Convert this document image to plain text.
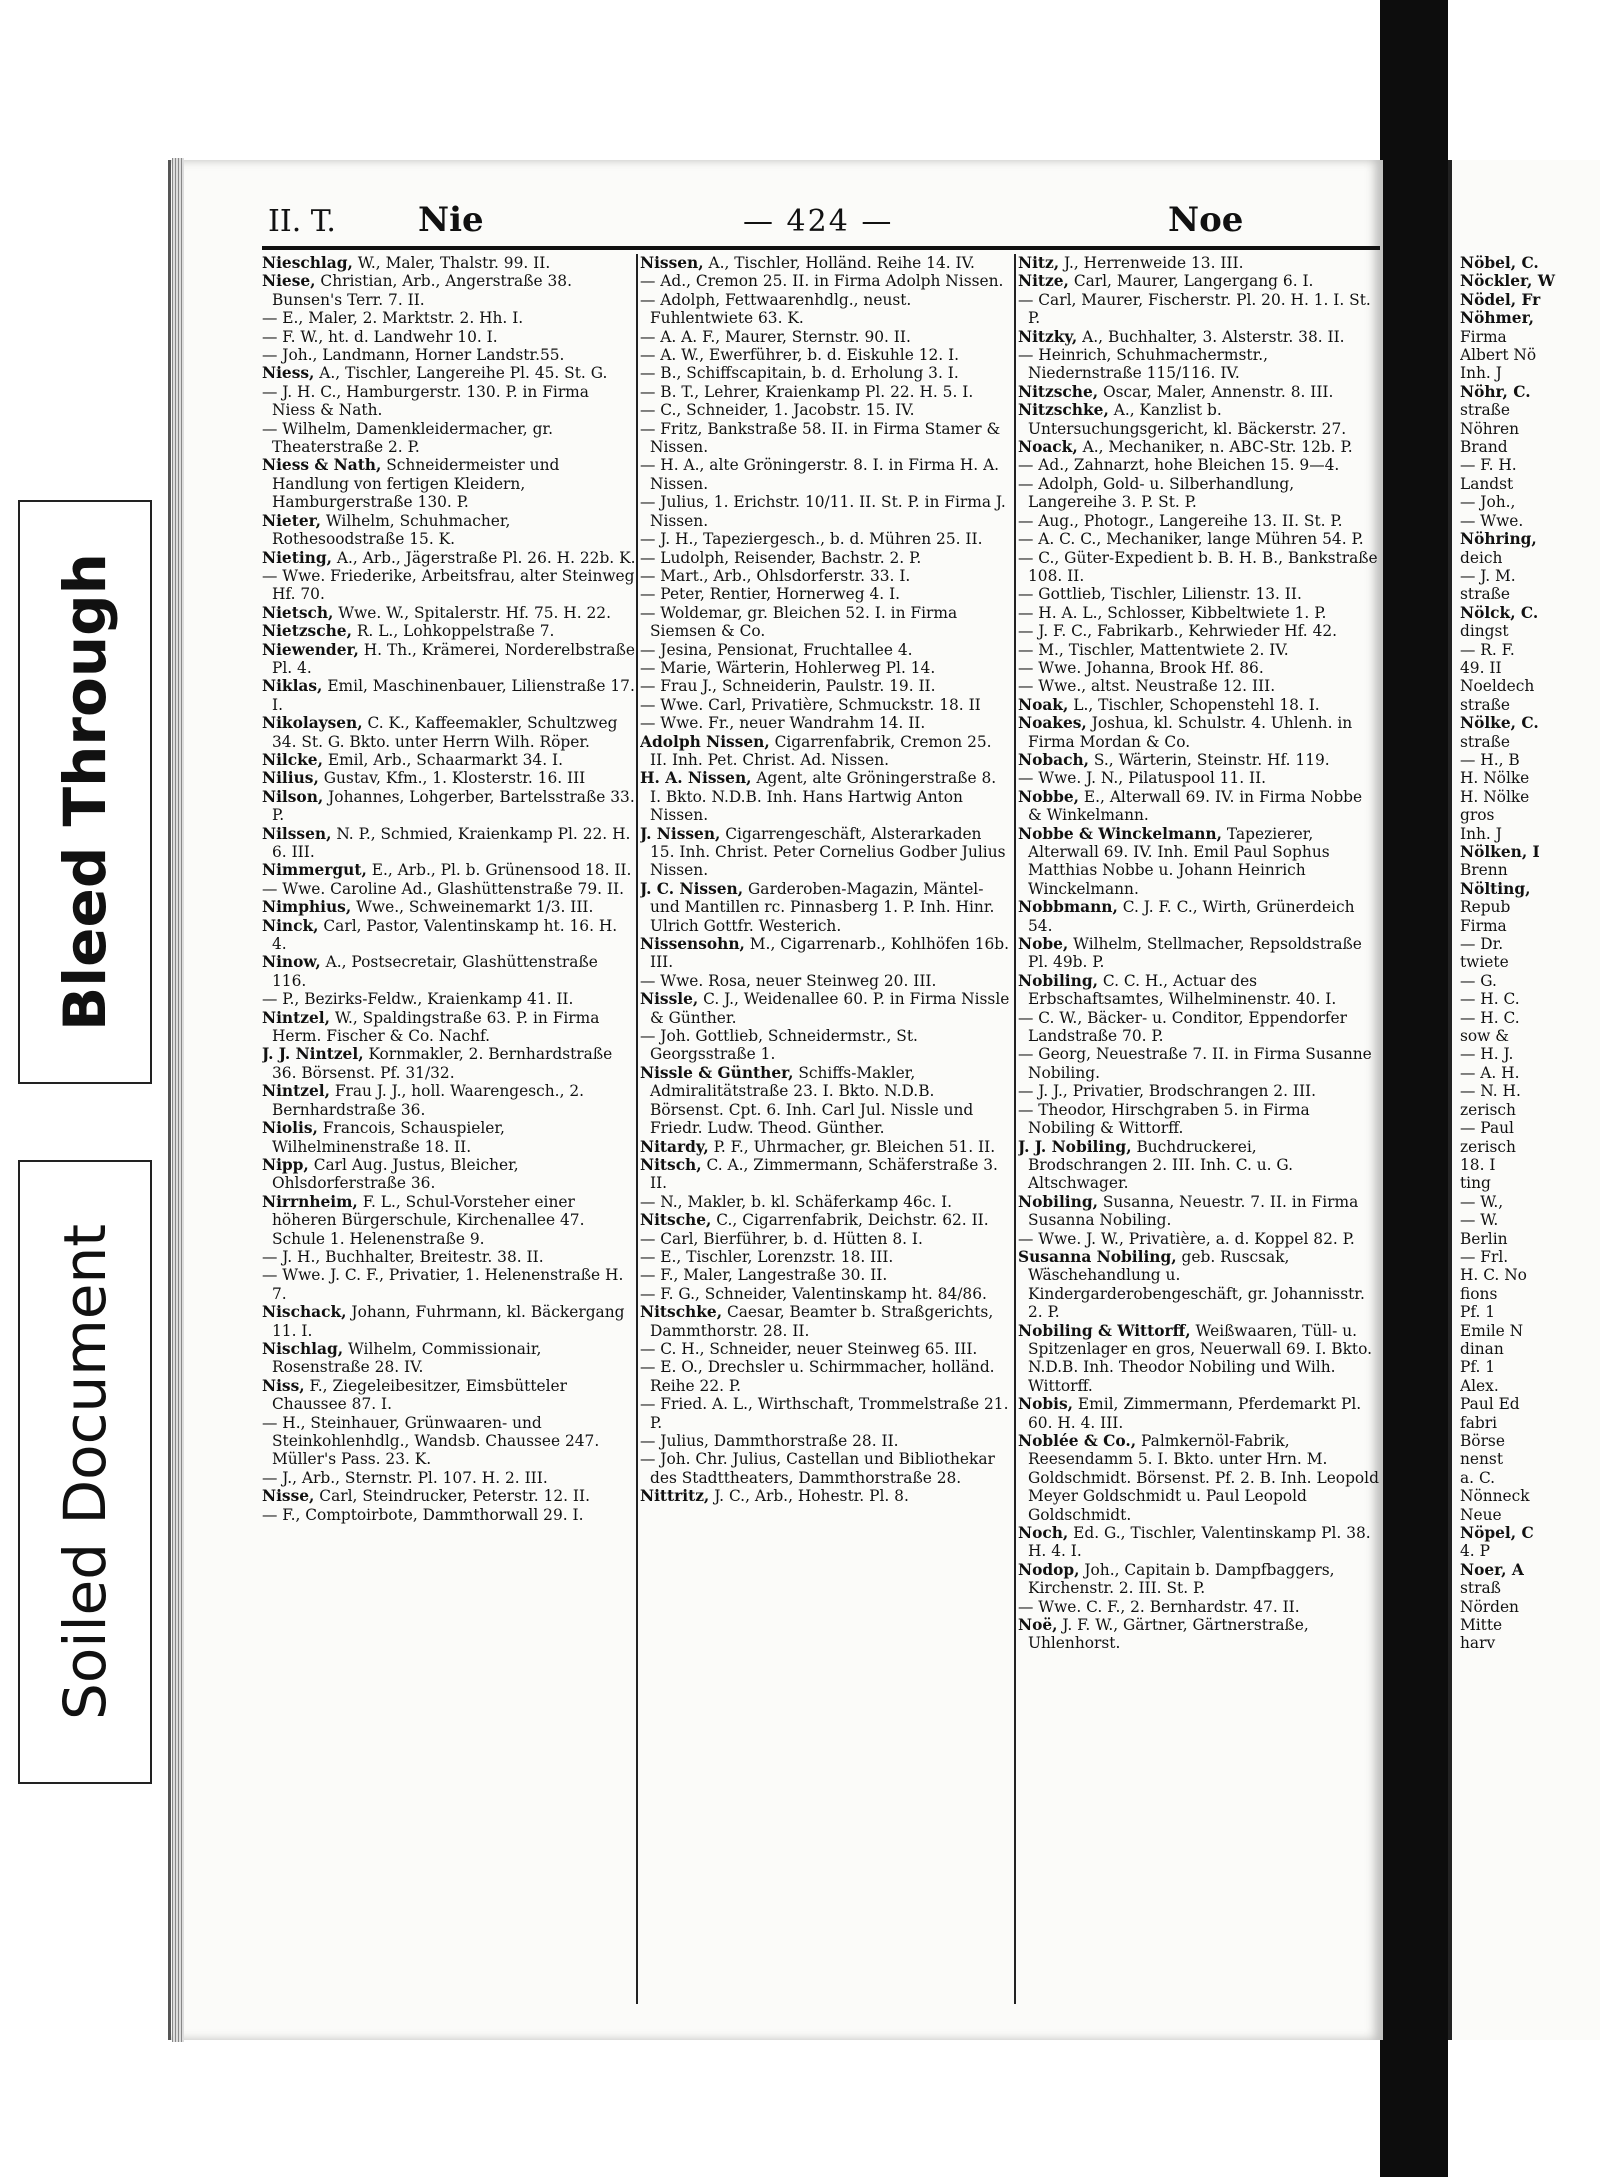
Bleed Through
Soiled Document
Nöbel, C.
Nöckler, W
Nödel, Fr
Nöhmer,
Firma
Albert Nö
Inh. J
Nöhr, C.
straße
Nöhren
Brand
— F. H.
Landst
— Joh.,
— Wwe.
Nöhring,
deich
— J. M.
straße
Nölck, C.
dingst
— R. F.
49. II
Noeldech
straße
Nölke, C.
straße
— H., B
H. Nölke
H. Nölke
gros
Inh. J
Nölken, I
Brenn
Nölting,
Repub
Firma
— Dr.
twiete
— G.
— H. C.
— H. C.
sow &
— H. J.
— A. H.
— N. H.
zerisch
— Paul
zerisch
18. I
ting
— W.,
— W.
Berlin
— Frl.
H. C. No
fions
Pf. 1
Emile N
dinan
Pf. 1
Alex.
Paul Ed
fabri
Börse
nenst
a. C.
Nönneck
Neue
Nöpel, C
4. P
Noer, A
straß
Nörden
Mitte
harv
II. T. Nie	— 424 —	Noe
Nieschlag, W., Maler, Thalstr. 99. II.
Niese, Christian, Arb., Angerstraße 38. Bunsen's Terr. 7. II.
— E., Maler, 2. Marktstr. 2. Hh. I.
— F. W., ht. d. Landwehr 10. I.
— Joh., Landmann, Horner Landstr.55.
Niess, A., Tischler, Langereihe Pl. 45. St. G.
— J. H. C., Hamburgerstr. 130. P. in Firma Niess & Nath.
— Wilhelm, Damenkleidermacher, gr. Theaterstraße 2. P.
Niess & Nath, Schneidermeister und Handlung von fertigen Kleidern, Hamburgerstraße 130. P.
Nieter, Wilhelm, Schuhmacher, Rothesoodstraße 15. K.
Nieting, A., Arb., Jägerstraße Pl. 26. H. 22b. K.
— Wwe. Friederike, Arbeitsfrau, alter Steinweg Hf. 70.
Nietsch, Wwe. W., Spitalerstr. Hf. 75. H. 22.
Nietzsche, R. L., Lohkoppelstraße 7.
Niewender, H. Th., Krämerei, Norderelbstraße Pl. 4.
Niklas, Emil, Maschinenbauer, Lilienstraße 17. I.
Nikolaysen, C. K., Kaffeemakler, Schultzweg 34. St. G. Bkto. unter Herrn Wilh. Röper.
Nilcke, Emil, Arb., Schaarmarkt 34. I.
Nilius, Gustav, Kfm., 1. Klosterstr. 16. III
Nilson, Johannes, Lohgerber, Bartelsstraße 33. P.
Nilssen, N. P., Schmied, Kraienkamp Pl. 22. H. 6. III.
Nimmergut, E., Arb., Pl. b. Grünensood 18. II.
— Wwe. Caroline Ad., Glashüttenstraße 79. II.
Nimphius, Wwe., Schweinemarkt 1/3. III.
Ninck, Carl, Pastor, Valentinskamp ht. 16. H. 4.
Ninow, A., Postsecretair, Glashüttenstraße 116.
— P., Bezirks-Feldw., Kraienkamp 41. II.
Nintzel, W., Spaldingstraße 63. P. in Firma Herm. Fischer & Co. Nachf.
J. J. Nintzel, Kornmakler, 2. Bernhardstraße 36. Börsenst. Pf. 31/32.
Nintzel, Frau J. J., holl. Waarengesch., 2. Bernhardstraße 36.
Niolis, Francois, Schauspieler, Wilhelminenstraße 18. II.
Nipp, Carl Aug. Justus, Bleicher, Ohlsdorferstraße 36.
Nirrnheim, F. L., Schul-Vorsteher einer höheren Bürgerschule, Kirchenallee 47. Schule 1. Helenenstraße 9.
— J. H., Buchhalter, Breitestr. 38. II.
— Wwe. J. C. F., Privatier, 1. Helenenstraße H. 7.
Nischack, Johann, Fuhrmann, kl. Bäckergang 11. I.
Nischlag, Wilhelm, Commissionair, Rosenstraße 28. IV.
Niss, F., Ziegeleibesitzer, Eimsbütteler Chaussee 87. I.
— H., Steinhauer, Grünwaaren- und Steinkohlenhdlg., Wandsb. Chaussee 247. Müller's Pass. 23. K.
— J., Arb., Sternstr. Pl. 107. H. 2. III.
Nisse, Carl, Steindrucker, Peterstr. 12. II.
— F., Comptoirbote, Dammthorwall 29. I.
Nissen, A., Tischler, Holländ. Reihe 14. IV.
— Ad., Cremon 25. II. in Firma Adolph Nissen.
— Adolph, Fettwaarenhdlg., neust. Fuhlentwiete 63. K.
— A. A. F., Maurer, Sternstr. 90. II.
— A. W., Ewerführer, b. d. Eiskuhle 12. I.
— B., Schiffscapitain, b. d. Erholung 3. I.
— B. T., Lehrer, Kraienkamp Pl. 22. H. 5. I.
— C., Schneider, 1. Jacobstr. 15. IV.
— Fritz, Bankstraße 58. II. in Firma Stamer & Nissen.
— H. A., alte Gröningerstr. 8. I. in Firma H. A. Nissen.
— Julius, 1. Erichstr. 10/11. II. St. P. in Firma J. Nissen.
— J. H., Tapeziergesch., b. d. Mühren 25. II.
— Ludolph, Reisender, Bachstr. 2. P.
— Mart., Arb., Ohlsdorferstr. 33. I.
— Peter, Rentier, Hornerweg 4. I.
— Woldemar, gr. Bleichen 52. I. in Firma Siemsen & Co.
— Jesina, Pensionat, Fruchtallee 4.
— Marie, Wärterin, Hohlerweg Pl. 14.
— Frau J., Schneiderin, Paulstr. 19. II.
— Wwe. Carl, Privatière, Schmuckstr. 18. II
— Wwe. Fr., neuer Wandrahm 14. II.
Adolph Nissen, Cigarrenfabrik, Cremon 25. II. Inh. Pet. Christ. Ad. Nissen.
H. A. Nissen, Agent, alte Gröningerstraße 8. I. Bkto. N.D.B. Inh. Hans Hartwig Anton Nissen.
J. Nissen, Cigarrengeschäft, Alsterarkaden 15. Inh. Christ. Peter Cornelius Godber Julius Nissen.
J. C. Nissen, Garderoben-Magazin, Mäntel- und Mantillen rc. Pinnasberg 1. P. Inh. Hinr. Ulrich Gottfr. Westerich.
Nissensohn, M., Cigarrenarb., Kohlhöfen 16b. III.
— Wwe. Rosa, neuer Steinweg 20. III.
Nissle, C. J., Weidenallee 60. P. in Firma Nissle & Günther.
— Joh. Gottlieb, Schneidermstr., St. Georgsstraße 1.
Nissle & Günther, Schiffs-Makler, Admiralitätstraße 23. I. Bkto. N.D.B. Börsenst. Cpt. 6. Inh. Carl Jul. Nissle und Friedr. Ludw. Theod. Günther.
Nitardy, P. F., Uhrmacher, gr. Bleichen 51. II.
Nitsch, C. A., Zimmermann, Schäferstraße 3. II.
— N., Makler, b. kl. Schäferkamp 46c. I.
Nitsche, C., Cigarrenfabrik, Deichstr. 62. II.
— Carl, Bierführer, b. d. Hütten 8. I.
— E., Tischler, Lorenzstr. 18. III.
— F., Maler, Langestraße 30. II.
— F. G., Schneider, Valentinskamp ht. 84/86.
Nitschke, Caesar, Beamter b. Straßgerichts, Dammthorstr. 28. II.
— C. H., Schneider, neuer Steinweg 65. III.
— E. O., Drechsler u. Schirmmacher, holländ. Reihe 22. P.
— Fried. A. L., Wirthschaft, Trommelstraße 21. P.
— Julius, Dammthorstraße 28. II.
— Joh. Chr. Julius, Castellan und Bibliothekar des Stadttheaters, Dammthorstraße 28.
Nittritz, J. C., Arb., Hohestr. Pl. 8.
Nitz, J., Herrenweide 13. III.
Nitze, Carl, Maurer, Langergang 6. I.
— Carl, Maurer, Fischerstr. Pl. 20. H. 1. I. St. P.
Nitzky, A., Buchhalter, 3. Alsterstr. 38. II.
— Heinrich, Schuhmachermstr., Niedernstraße 115/116. IV.
Nitzsche, Oscar, Maler, Annenstr. 8. III.
Nitzschke, A., Kanzlist b. Untersuchungsgericht, kl. Bäckerstr. 27.
Noack, A., Mechaniker, n. ABC-Str. 12b. P.
— Ad., Zahnarzt, hohe Bleichen 15. 9—4.
— Adolph, Gold- u. Silberhandlung, Langereihe 3. P. St. P.
— Aug., Photogr., Langereihe 13. II. St. P.
— A. C. C., Mechaniker, lange Mühren 54. P.
— C., Güter-Expedient b. B. H. B., Bankstraße 108. II.
— Gottlieb, Tischler, Lilienstr. 13. II.
— H. A. L., Schlosser, Kibbeltwiete 1. P.
— J. F. C., Fabrikarb., Kehrwieder Hf. 42.
— M., Tischler, Mattentwiete 2. IV.
— Wwe. Johanna, Brook Hf. 86.
— Wwe., altst. Neustraße 12. III.
Noak, L., Tischler, Schopenstehl 18. I.
Noakes, Joshua, kl. Schulstr. 4. Uhlenh. in Firma Mordan & Co.
Nobach, S., Wärterin, Steinstr. Hf. 119.
— Wwe. J. N., Pilatuspool 11. II.
Nobbe, E., Alterwall 69. IV. in Firma Nobbe & Winkelmann.
Nobbe & Winckelmann, Tapezierer, Alterwall 69. IV. Inh. Emil Paul Sophus Matthias Nobbe u. Johann Heinrich Winckelmann.
Nobbmann, C. J. F. C., Wirth, Grünerdeich 54.
Nobe, Wilhelm, Stellmacher, Repsoldstraße Pl. 49b. P.
Nobiling, C. C. H., Actuar des Erbschaftsamtes, Wilhelminenstr. 40. I.
— C. W., Bäcker- u. Conditor, Eppendorfer Landstraße 70. P.
— Georg, Neuestraße 7. II. in Firma Susanne Nobiling.
— J. J., Privatier, Brodschrangen 2. III.
— Theodor, Hirschgraben 5. in Firma Nobiling & Wittorff.
J. J. Nobiling, Buchdruckerei, Brodschrangen 2. III. Inh. C. u. G. Altschwager.
Nobiling, Susanna, Neuestr. 7. II. in Firma Susanna Nobiling.
— Wwe. J. W., Privatière, a. d. Koppel 82. P.
Susanna Nobiling, geb. Ruscsak, Wäschehandlung u. Kindergarderobengeschäft, gr. Johannisstr. 2. P.
Nobiling & Wittorff, Weißwaaren, Tüll- u. Spitzenlager en gros, Neuerwall 69. I. Bkto. N.D.B. Inh. Theodor Nobiling und Wilh. Wittorff.
Nobis, Emil, Zimmermann, Pferdemarkt Pl. 60. H. 4. III.
Noblée & Co., Palmkernöl-Fabrik, Reesendamm 5. I. Bkto. unter Hrn. M. Goldschmidt. Börsenst. Pf. 2. B. Inh. Leopold Meyer Goldschmidt u. Paul Leopold Goldschmidt.
Noch, Ed. G., Tischler, Valentinskamp Pl. 38. H. 4. I.
Nodop, Joh., Capitain b. Dampfbaggers, Kirchenstr. 2. III. St. P.
— Wwe. C. F., 2. Bernhardstr. 47. II.
Noë, J. F. W., Gärtner, Gärtnerstraße, Uhlenhorst.
